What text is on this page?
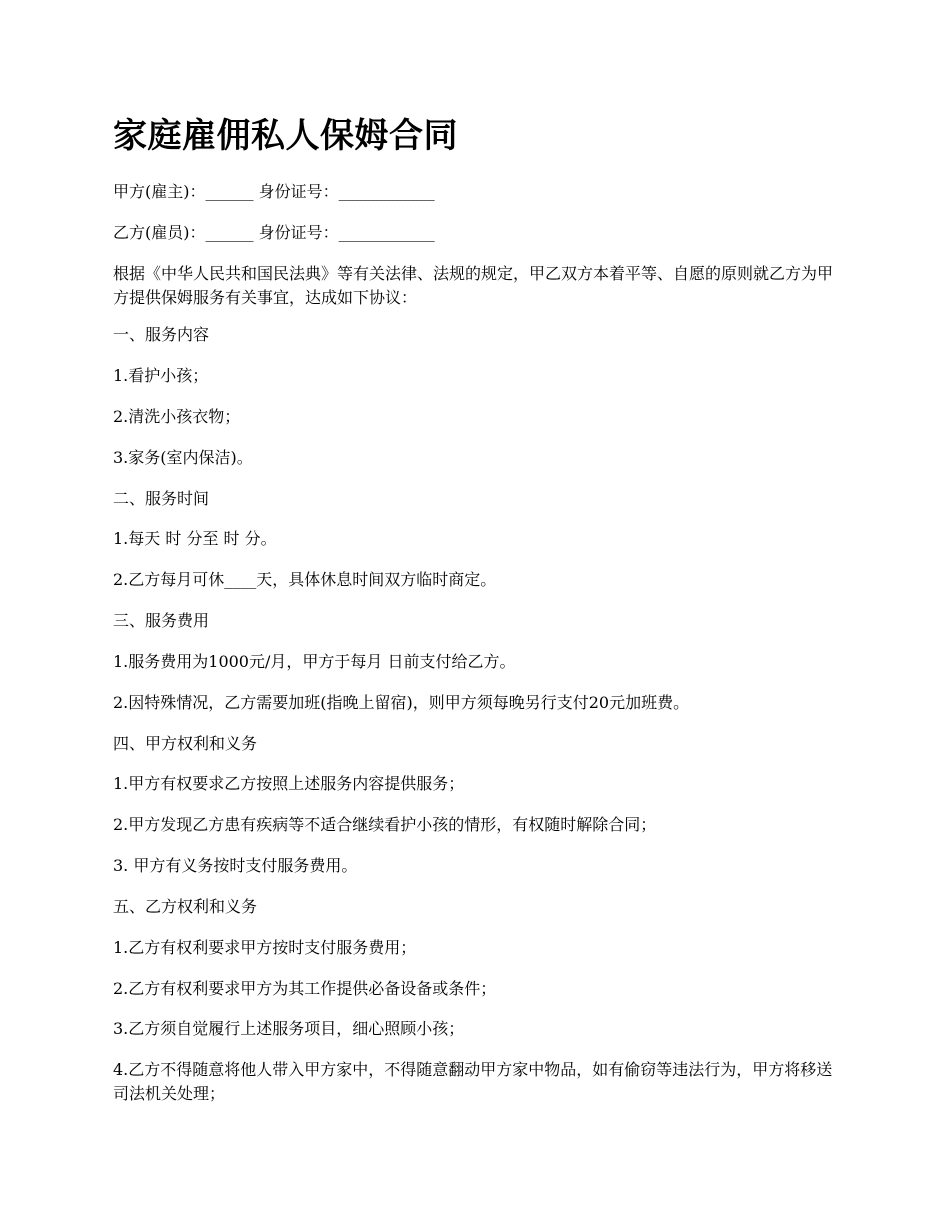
家庭雇佣私人保姆合同
甲方(雇主)：______ 身份证号：____________
乙方(雇员)：______ 身份证号：____________
根据《中华人民共和国民法典》等有关法律、法规的规定，甲乙双方本着平等、自愿的原则就乙方为甲方提供保姆服务有关事宜，达成如下协议：
一、服务内容
1.看护小孩；
2.清洗小孩衣物；
3.家务(室内保洁)。
二、服务时间
1.每天 时 分至 时 分。
2.乙方每月可休____天，具体休息时间双方临时商定。
三、服务费用
1.服务费用为1000元/月，甲方于每月 日前支付给乙方。
2.因特殊情况，乙方需要加班(指晚上留宿)，则甲方须每晚另行支付20元加班费。
四、甲方权利和义务
1.甲方有权要求乙方按照上述服务内容提供服务；
2.甲方发现乙方患有疾病等不适合继续看护小孩的情形，有权随时解除合同；
3. 甲方有义务按时支付服务费用。
五、乙方权利和义务
1.乙方有权利要求甲方按时支付服务费用；
2.乙方有权利要求甲方为其工作提供必备设备或条件；
3.乙方须自觉履行上述服务项目，细心照顾小孩；
4.乙方不得随意将他人带入甲方家中，不得随意翻动甲方家中物品，如有偷窃等违法行为，甲方将移送司法机关处理；
